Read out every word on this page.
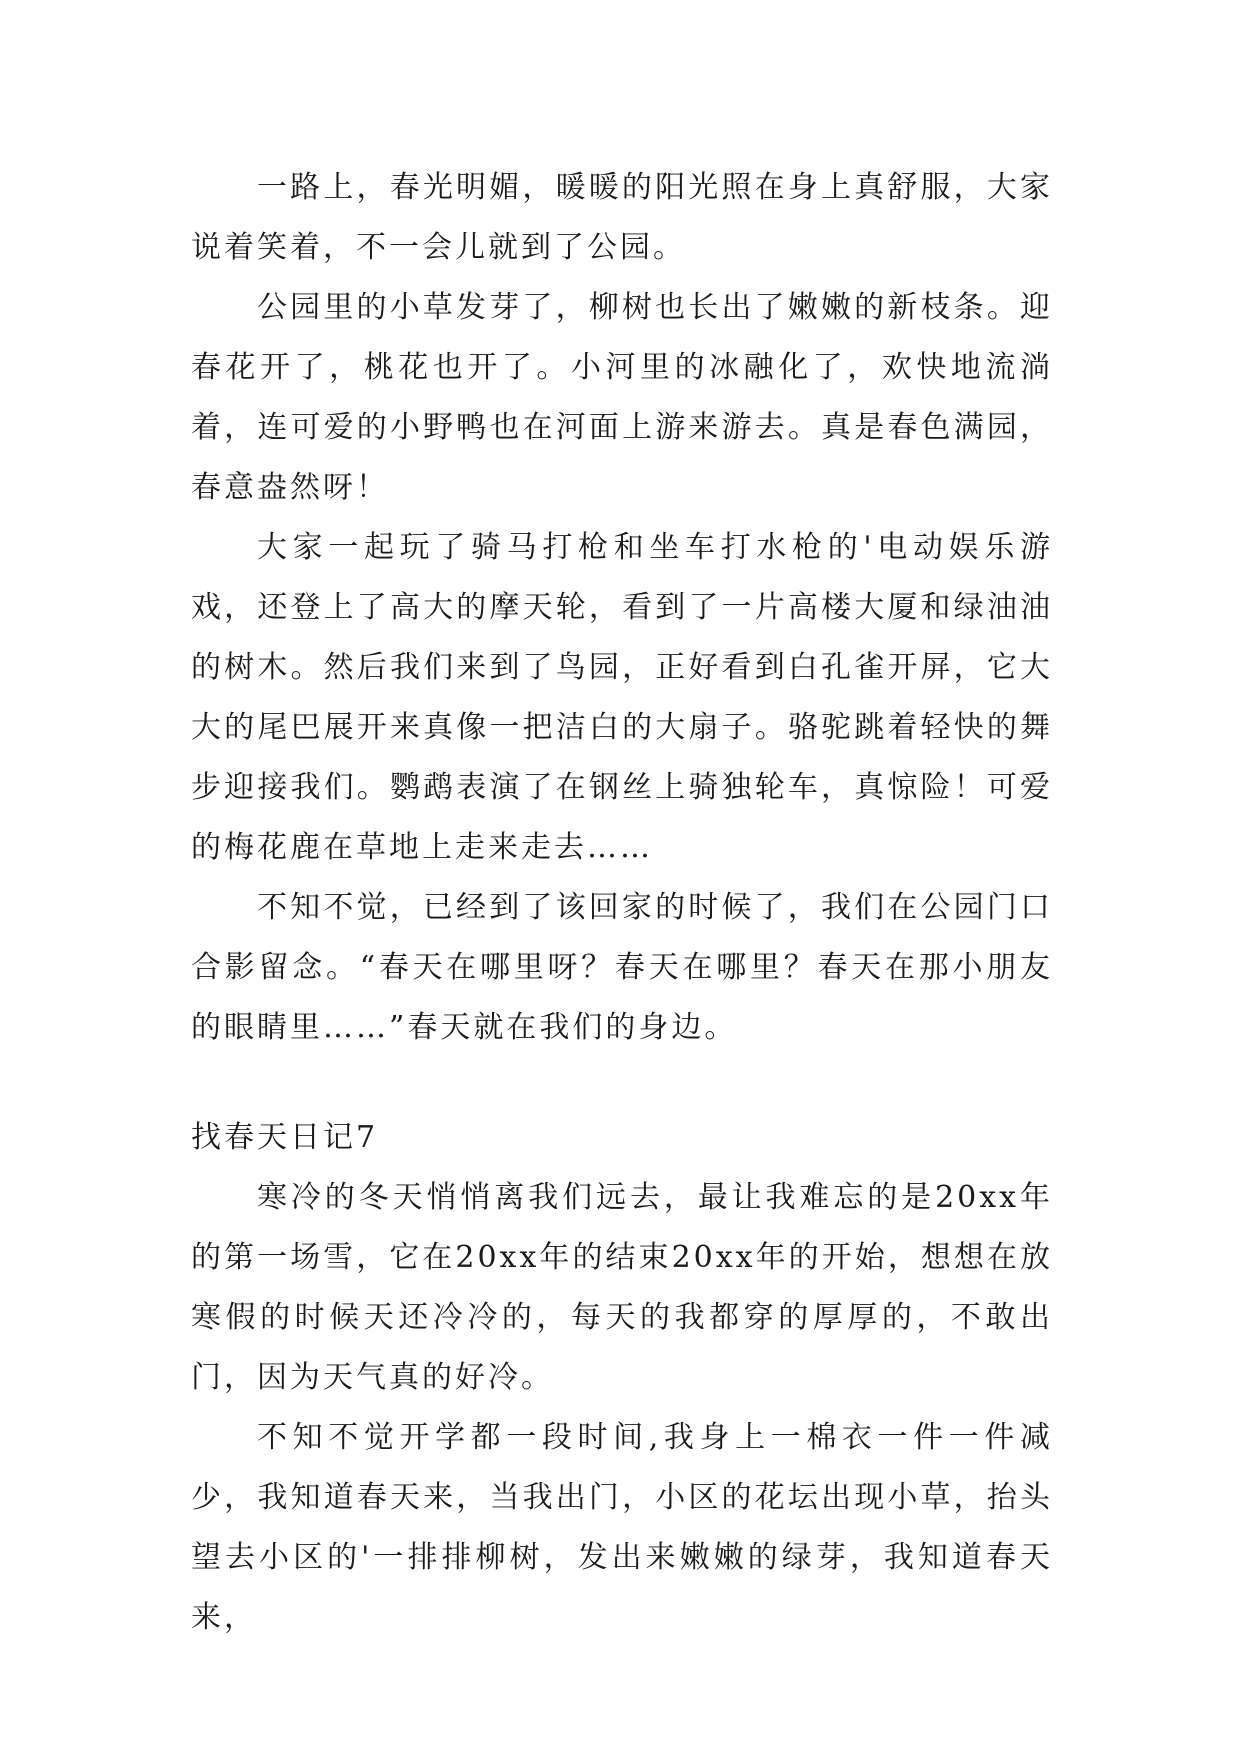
一路上，春光明媚，暖暖的阳光照在身上真舒服，大家说着笑着，不一会儿就到了公园。

公园里的小草发芽了，柳树也长出了嫩嫩的新枝条。迎春花开了，桃花也开了。小河里的冰融化了，欢快地流淌着，连可爱的小野鸭也在河面上游来游去。真是春色满园，春意盎然呀！

大家一起玩了骑马打枪和坐车打水枪的'电动娱乐游戏，还登上了高大的摩天轮，看到了一片高楼大厦和绿油油的树木。然后我们来到了鸟园，正好看到白孔雀开屏，它大大的尾巴展开来真像一把洁白的大扇子。骆驼跳着轻快的舞步迎接我们。鹦鹉表演了在钢丝上骑独轮车，真惊险！可爱的梅花鹿在草地上走来走去……

不知不觉，已经到了该回家的时候了，我们在公园门口合影留念。“春天在哪里呀？春天在哪里？春天在那小朋友的眼睛里……”春天就在我们的身边。

找春天日记7

寒冷的冬天悄悄离我们远去，最让我难忘的是20xx年的第一场雪，它在20xx年的结束20xx年的开始，想想在放寒假的时候天还冷冷的，每天的我都穿的厚厚的，不敢出门，因为天气真的好冷。

不知不觉开学都一段时间,我身上一棉衣一件一件减少，我知道春天来，当我出门，小区的花坛出现小草，抬头望去小区的'一排排柳树，发出来嫩嫩的绿芽，我知道春天来，
